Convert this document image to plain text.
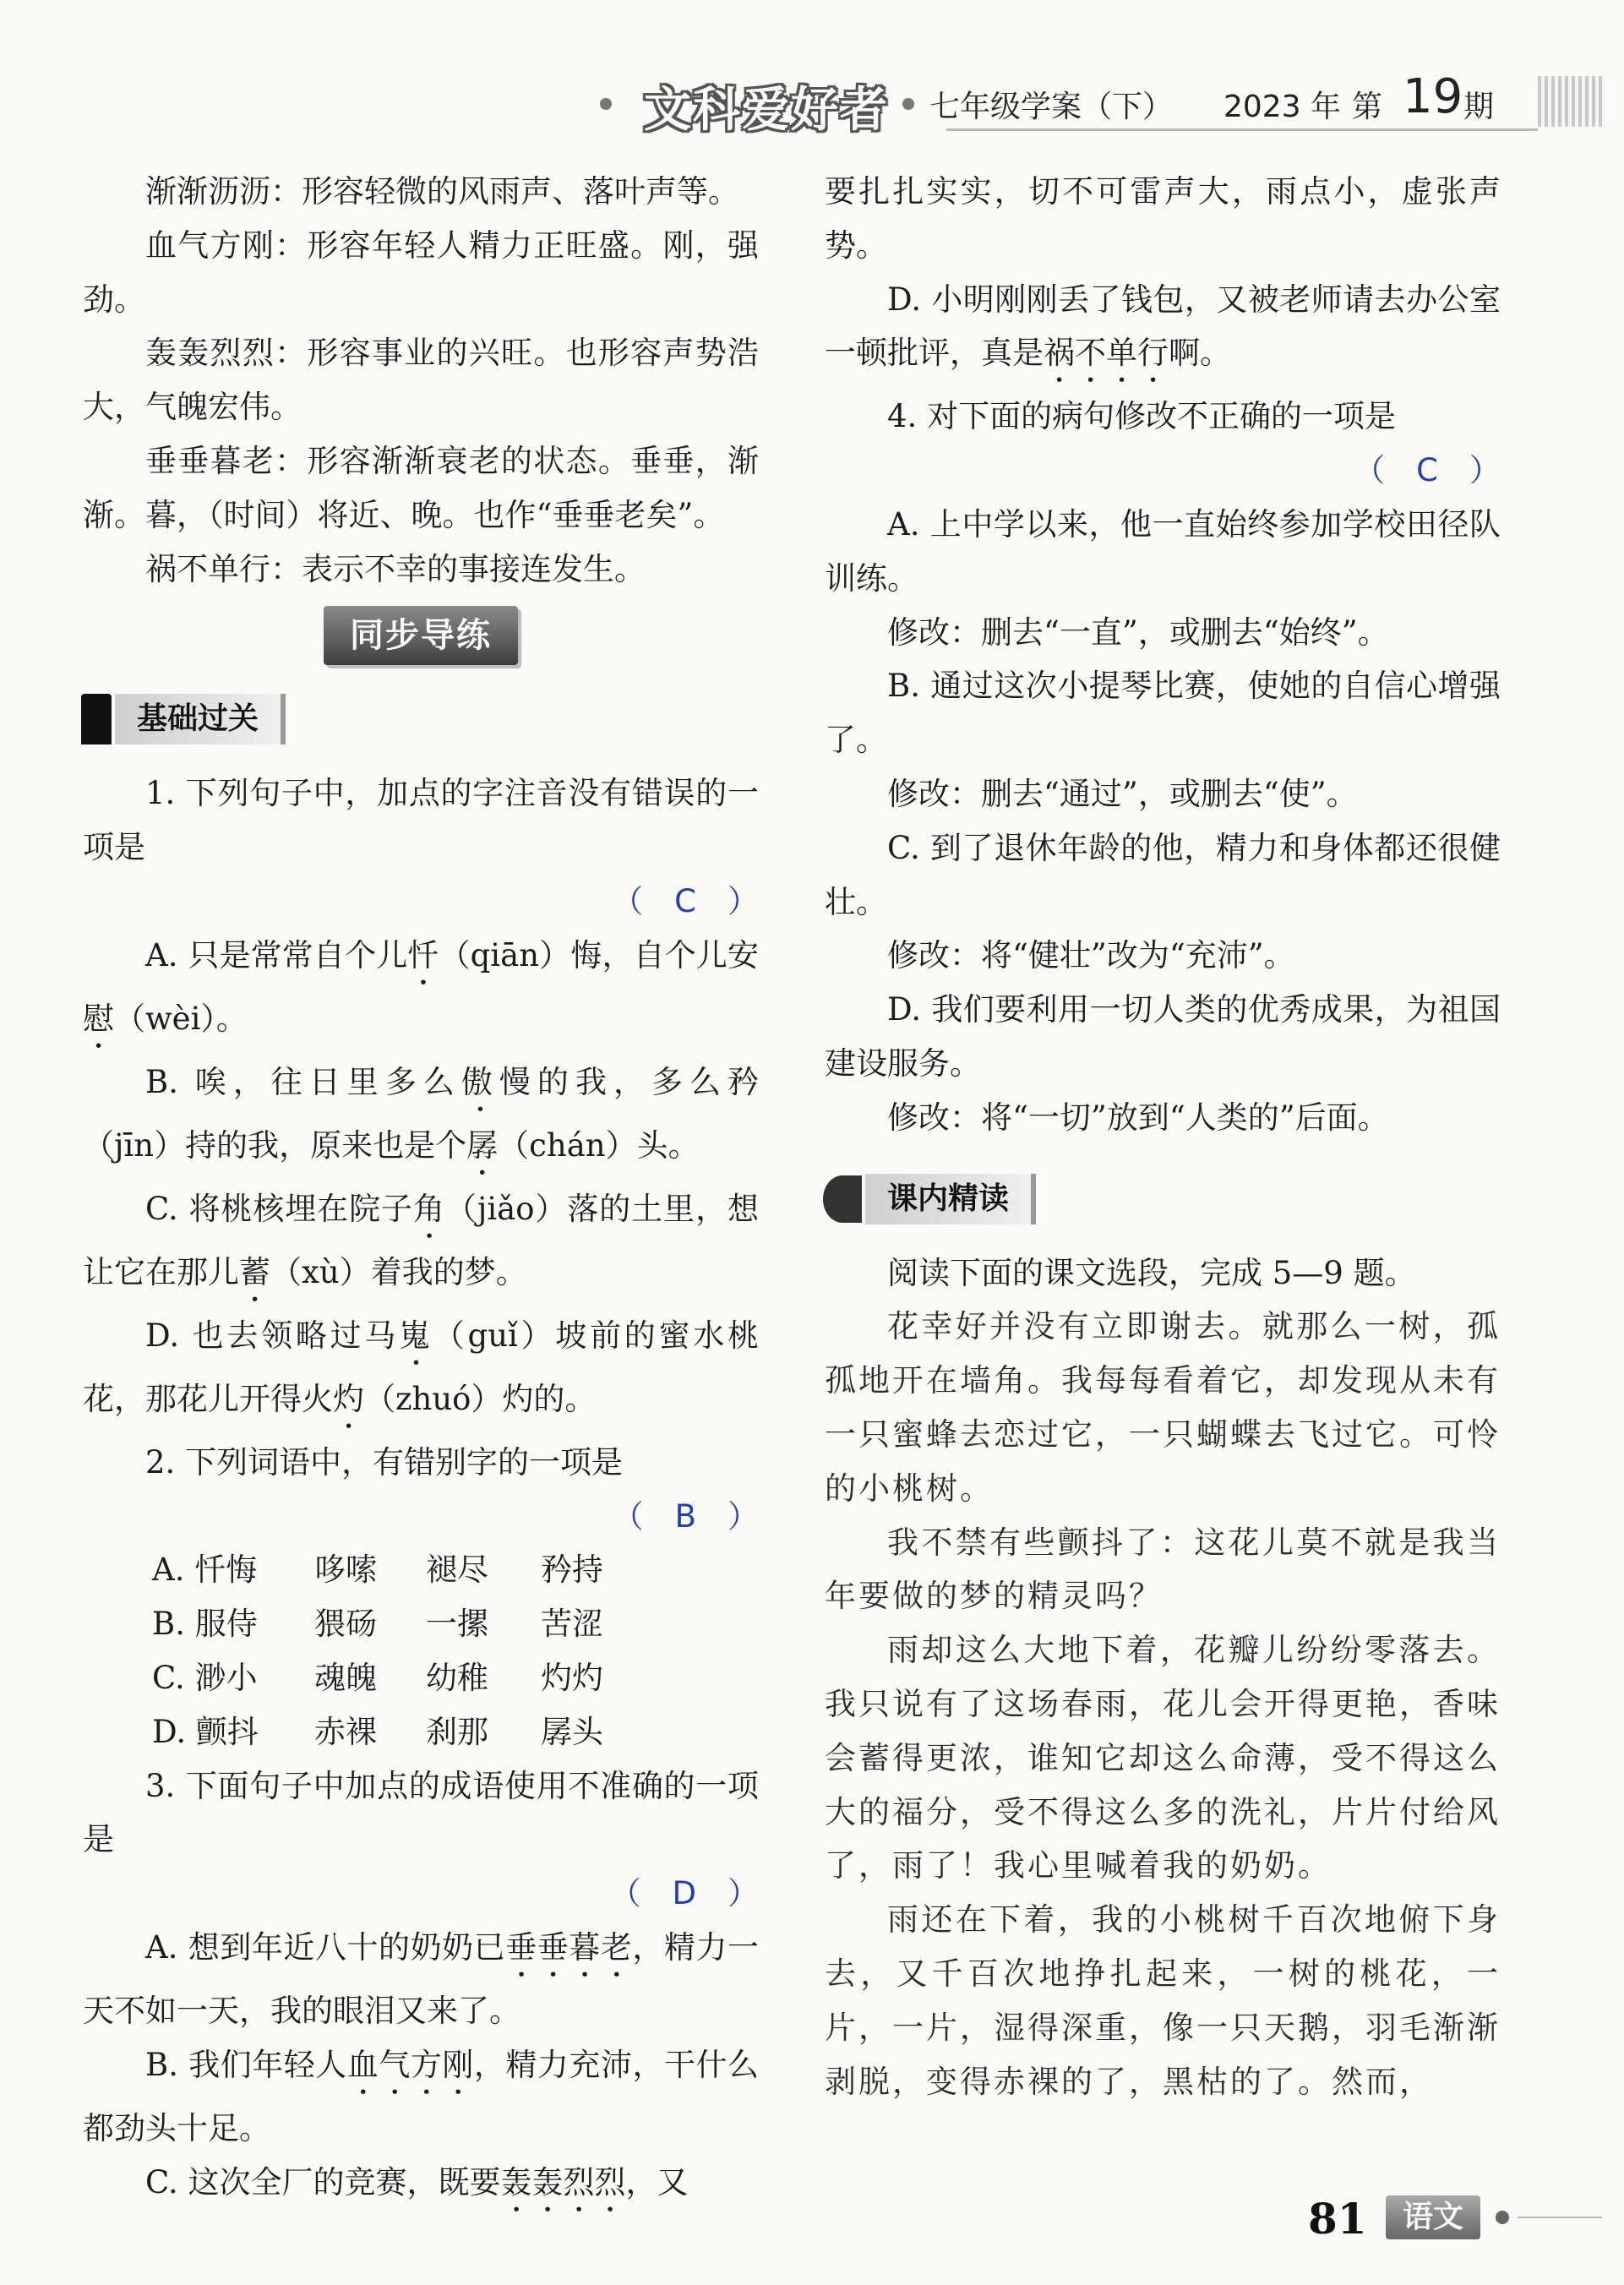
文科爱好者 七年级学案（下） 2023 年 第 19 期

渐渐沥沥：形容轻微的风雨声、落叶声等。

血气方刚：形容年轻人精力正旺盛。刚，强劲。

轰轰烈烈：形容事业的兴旺。也形容声势浩大，气魄宏伟。

垂垂暮老：形容渐渐衰老的状态。垂垂，渐渐。暮，（时间）将近、晚。也作“垂垂老矣”。

祸不单行：表示不幸的事接连发生。

同步导练
基础过关

1. 下列句子中，加点的字注音没有错误的一项是
（　C　）

A. 只是常常自个儿忏（qiān）悔，自个儿安慰（wèi）。

B. 唉，往日里多么傲慢的我，多么矜（jīn）持的我，原来也是个孱（chán）头。

C. 将桃核埋在院子角（jiǎo）落的土里，想让它在那儿蓄（xù）着我的梦。

D. 也去领略过马嵬（guǐ）坡前的蜜水桃花，那花儿开得火灼（zhuó）灼的。

2. 下列词语中，有错别字的一项是
（　B　）

A. 忏悔	哆嗦	褪尽	矜持
B. 服侍	猥砀	一摞	苦涩
C. 渺小	魂魄	幼稚	灼灼
D. 颤抖	赤裸	刹那	孱头

3. 下面句子中加点的成语使用不准确的一项是
（　D　）

A. 想到年近八十的奶奶已垂垂暮老，精力一天不如一天，我的眼泪又来了。

B. 我们年轻人血气方刚，精力充沛，干什么都劲头十足。

C. 这次全厂的竞赛，既要轰轰烈烈，又

要扎扎实实，切不可雷声大，雨点小，虚张声势。

D. 小明刚刚丢了钱包，又被老师请去办公室一顿批评，真是祸不单行啊。

4. 对下面的病句修改不正确的一项是
（　C　）

A. 上中学以来，他一直始终参加学校田径队训练。

修改：删去“一直”，或删去“始终”。

B. 通过这次小提琴比赛，使她的自信心增强了。

修改：删去“通过”，或删去“使”。

C. 到了退休年龄的他，精力和身体都还很健壮。

修改：将“健壮”改为“充沛”。

D. 我们要利用一切人类的优秀成果，为祖国建设服务。

修改：将“一切”放到“人类的”后面。

课内精读

阅读下面的课文选段，完成 5—9 题。

花幸好并没有立即谢去。就那么一树，孤孤地开在墙角。我每每看着它，却发现从未有一只蜜蜂去恋过它，一只蝴蝶去飞过它。可怜的小桃树。

我不禁有些颤抖了：这花儿莫不就是我当年要做的梦的精灵吗？

雨却这么大地下着，花瓣儿纷纷零落去。我只说有了这场春雨，花儿会开得更艳，香味会蓄得更浓，谁知它却这么命薄，受不得这么大的福分，受不得这么多的洗礼，片片付给风了，雨了！我心里喊着我的奶奶。

雨还在下着，我的小桃树千百次地俯下身去，又千百次地挣扎起来，一树的桃花，一片，一片，湿得深重，像一只天鹅，羽毛渐渐剥脱，变得赤裸的了，黑枯的了。然而，

81	语文
